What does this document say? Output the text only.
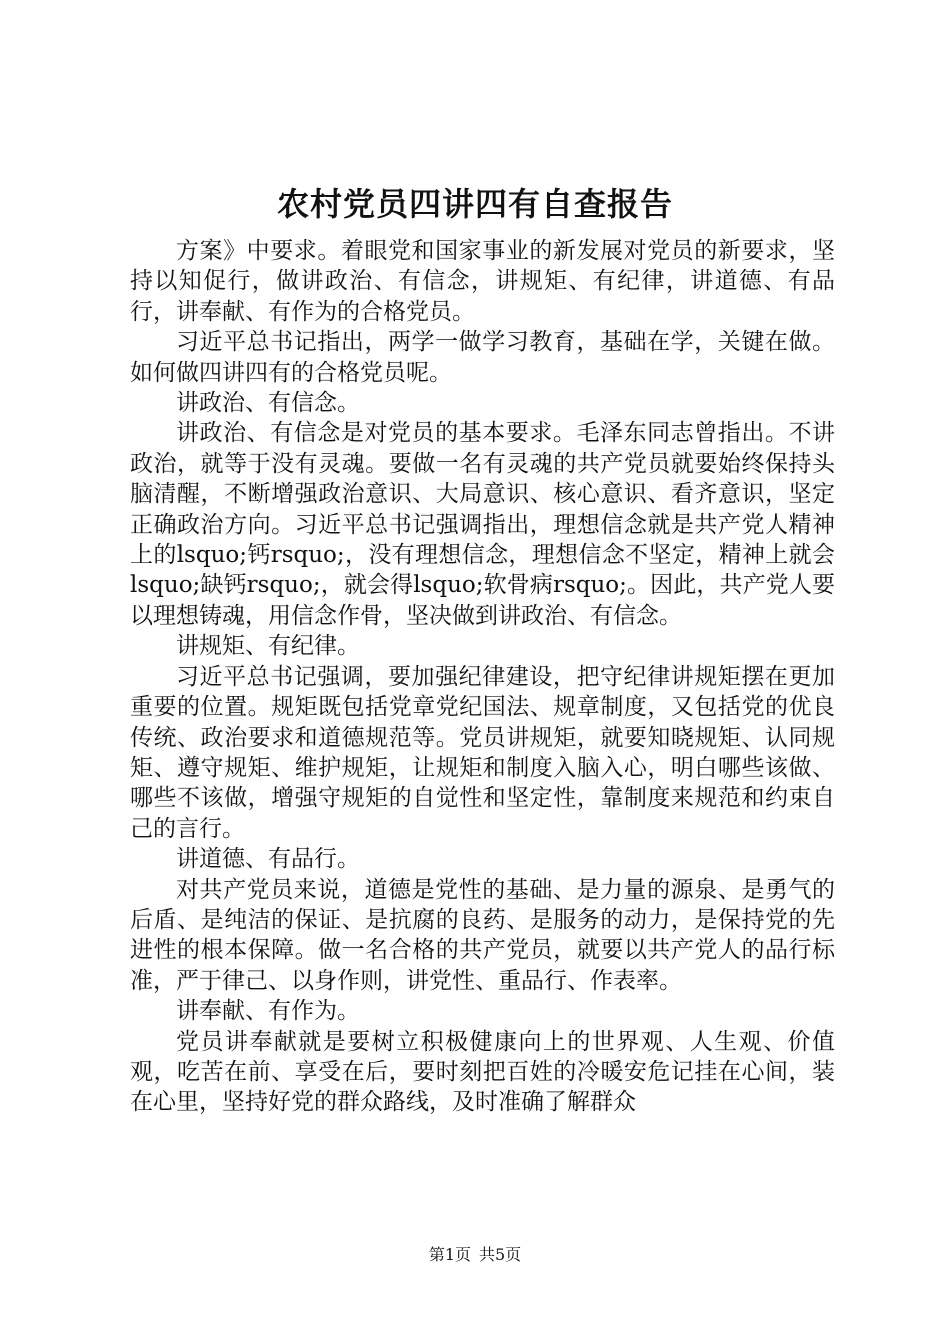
农村党员四讲四有自查报告

方案》中要求。着眼党和国家事业的新发展对党员的新要求，坚持以知促行，做讲政治、有信念，讲规矩、有纪律，讲道德、有品行，讲奉献、有作为的合格党员。

习近平总书记指出，两学一做学习教育，基础在学，关键在做。如何做四讲四有的合格党员呢。

讲政治、有信念。

讲政治、有信念是对党员的基本要求。毛泽东同志曾指出。不讲政治，就等于没有灵魂。要做一名有灵魂的共产党员就要始终保持头脑清醒，不断增强政治意识、大局意识、核心意识、看齐意识，坚定正确政治方向。习近平总书记强调指出，理想信念就是共产党人精神上的lsquo;钙rsquo;，没有理想信念，理想信念不坚定，精神上就会lsquo;缺钙rsquo;，就会得lsquo;软骨病rsquo;。因此，共产党人要以理想铸魂，用信念作骨，坚决做到讲政治、有信念。

讲规矩、有纪律。

习近平总书记强调，要加强纪律建设，把守纪律讲规矩摆在更加重要的位置。规矩既包括党章党纪国法、规章制度，又包括党的优良传统、政治要求和道德规范等。党员讲规矩，就要知晓规矩、认同规矩、遵守规矩、维护规矩，让规矩和制度入脑入心，明白哪些该做、哪些不该做，增强守规矩的自觉性和坚定性，靠制度来规范和约束自己的言行。

讲道德、有品行。

对共产党员来说，道德是党性的基础、是力量的源泉、是勇气的后盾、是纯洁的保证、是抗腐的良药、是服务的动力，是保持党的先进性的根本保障。做一名合格的共产党员，就要以共产党人的品行标准，严于律己、以身作则，讲党性、重品行、作表率。

讲奉献、有作为。

党员讲奉献就是要树立积极健康向上的世界观、人生观、价值观，吃苦在前、享受在后，要时刻把百姓的冷暖安危记挂在心间，装在心里，坚持好党的群众路线，及时准确了解群众

第1页 共5页
